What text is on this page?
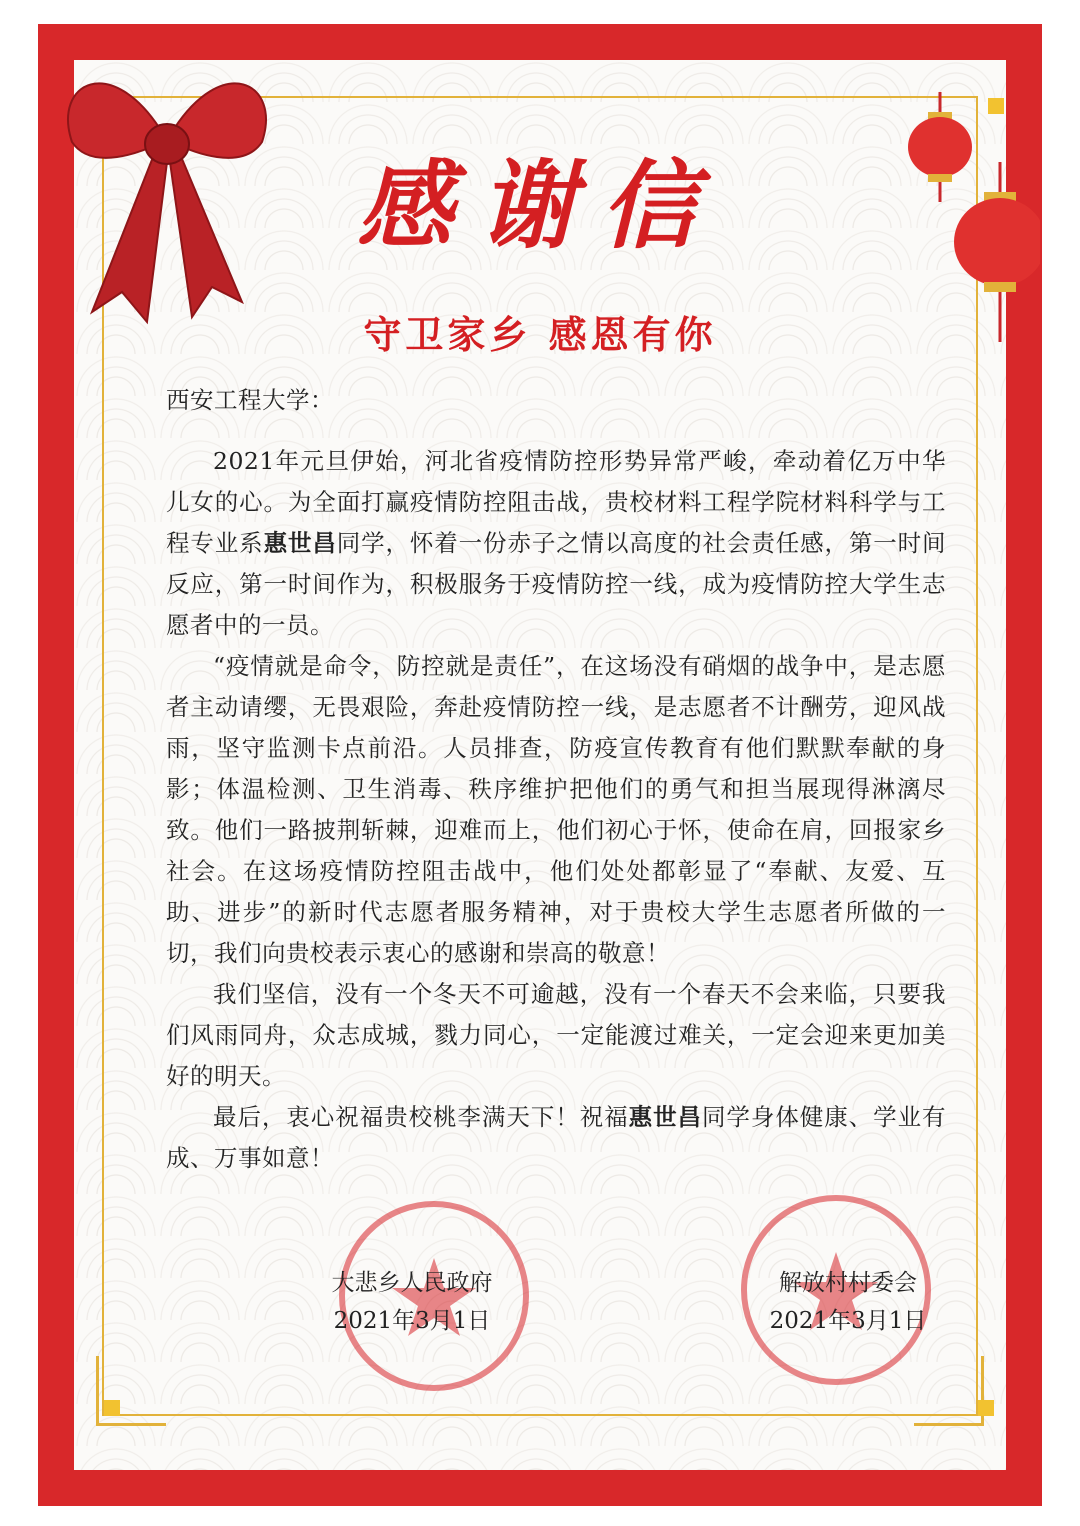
感谢信
守卫家乡 感恩有你

西安工程大学：

2021年元旦伊始，河北省疫情防控形势异常严峻，牵动着亿万中华儿女的心。为全面打赢疫情防控阻击战，贵校材料工程学院材料科学与工程专业系惠世昌同学，怀着一份赤子之情以高度的社会责任感，第一时间反应，第一时间作为，积极服务于疫情防控一线，成为疫情防控大学生志愿者中的一员。

“疫情就是命令，防控就是责任”，在这场没有硝烟的战争中，是志愿者主动请缨，无畏艰险，奔赴疫情防控一线，是志愿者不计酬劳，迎风战雨，坚守监测卡点前沿。人员排查，防疫宣传教育有他们默默奉献的身影；体温检测、卫生消毒、秩序维护把他们的勇气和担当展现得淋漓尽致。他们一路披荆斩棘，迎难而上，他们初心于怀，使命在肩，回报家乡社会。在这场疫情防控阻击战中，他们处处都彰显了“奉献、友爱、互助、进步”的新时代志愿者服务精神，对于贵校大学生志愿者所做的一切，我们向贵校表示衷心的感谢和崇高的敬意！

我们坚信，没有一个冬天不可逾越，没有一个春天不会来临，只要我们风雨同舟，众志成城，戮力同心，一定能渡过难关，一定会迎来更加美好的明天。

最后，衷心祝福贵校桃李满天下！祝福惠世昌同学身体健康、学业有成、万事如意！

大悲乡人民政府
2021年3月1日
解放村村委会
2021年3月1日
